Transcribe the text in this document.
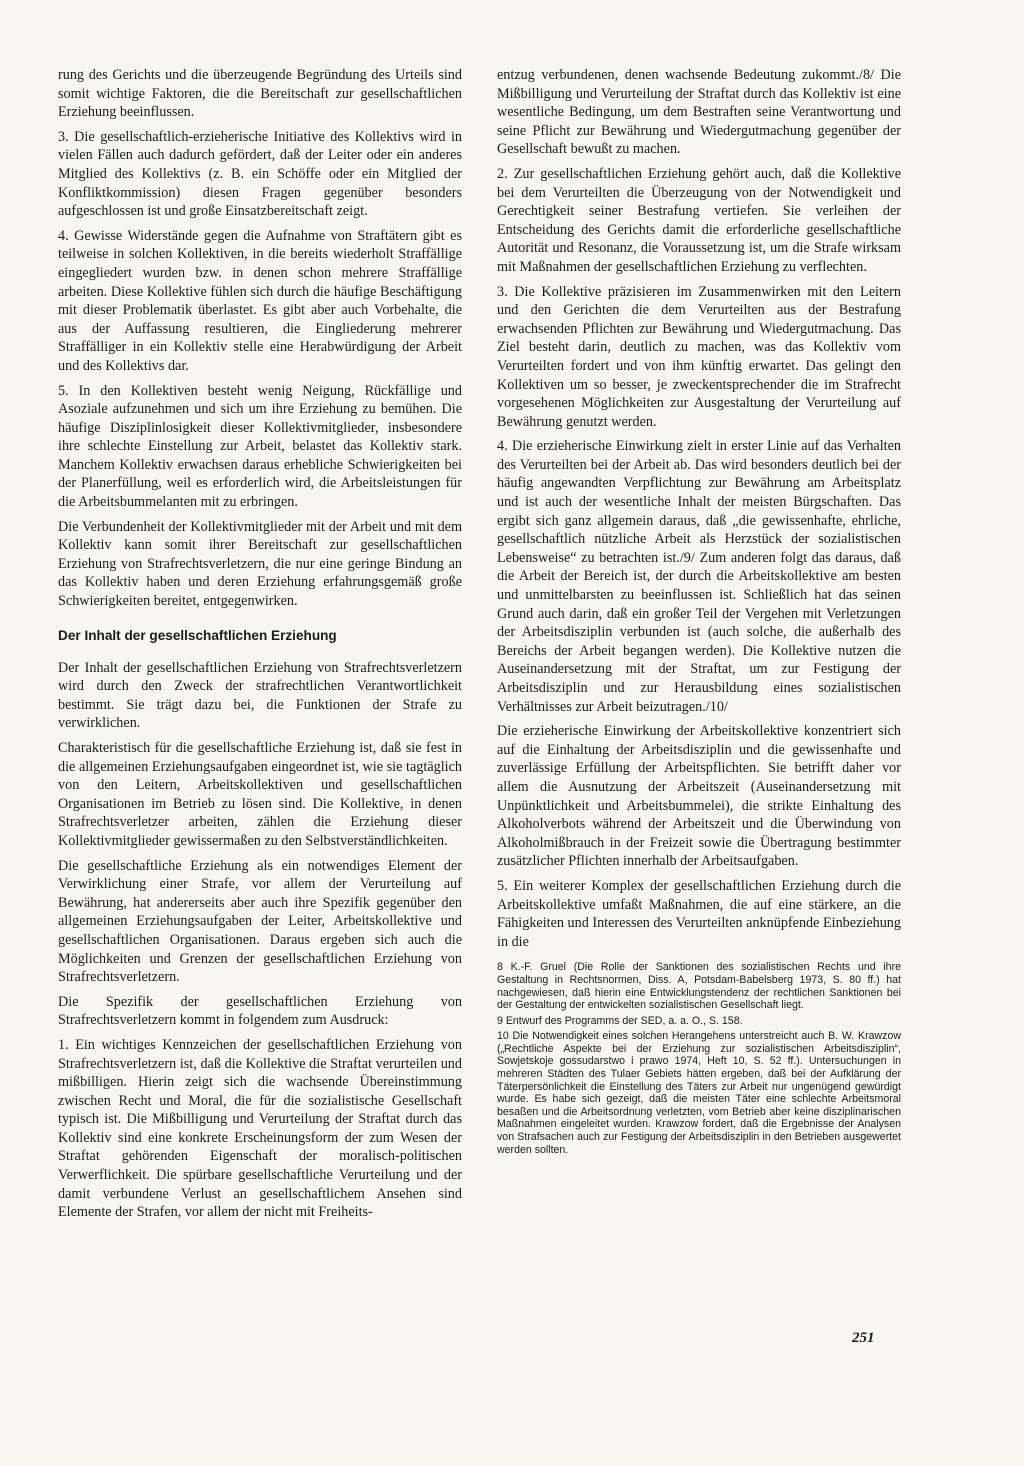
rung des Gerichts und die überzeugende Begründung des Urteils sind somit wichtige Faktoren, die die Bereitschaft zur gesellschaftlichen Erziehung beeinflussen.

3. Die gesellschaftlich-erzieherische Initiative des Kollektivs wird in vielen Fällen auch dadurch gefördert, daß der Leiter oder ein anderes Mitglied des Kollektivs (z. B. ein Schöffe oder ein Mitglied der Konfliktkommission) diesen Fragen gegenüber besonders aufgeschlossen ist und große Einsatzbereitschaft zeigt.

4. Gewisse Widerstände gegen die Aufnahme von Straftätern gibt es teilweise in solchen Kollektiven, in die bereits wiederholt Straffällige eingegliedert wurden bzw. in denen schon mehrere Straffällige arbeiten. Diese Kollektive fühlen sich durch die häufige Beschäftigung mit dieser Problematik überlastet. Es gibt aber auch Vorbehalte, die aus der Auffassung resultieren, die Eingliederung mehrerer Straffälliger in ein Kollektiv stelle eine Herabwürdigung der Arbeit und des Kollektivs dar.

5. In den Kollektiven besteht wenig Neigung, Rückfällige und Asoziale aufzunehmen und sich um ihre Erziehung zu bemühen. Die häufige Disziplinlosigkeit dieser Kollektivmitglieder, insbesondere ihre schlechte Einstellung zur Arbeit, belastet das Kollektiv stark. Manchem Kollektiv erwachsen daraus erhebliche Schwierigkeiten bei der Planerfüllung, weil es erforderlich wird, die Arbeitsleistungen für die Arbeitsbummelanten mit zu erbringen.

Die Verbundenheit der Kollektivmitglieder mit der Arbeit und mit dem Kollektiv kann somit ihrer Bereitschaft zur gesellschaftlichen Erziehung von Strafrechtsverletzern, die nur eine geringe Bindung an das Kollektiv haben und deren Erziehung erfahrungsgemäß große Schwierigkeiten bereitet, entgegenwirken.

Der Inhalt der gesellschaftlichen Erziehung

Der Inhalt der gesellschaftlichen Erziehung von Strafrechtsverletzern wird durch den Zweck der strafrechtlichen Verantwortlichkeit bestimmt. Sie trägt dazu bei, die Funktionen der Strafe zu verwirklichen.

Charakteristisch für die gesellschaftliche Erziehung ist, daß sie fest in die allgemeinen Erziehungsaufgaben eingeordnet ist, wie sie tagtäglich von den Leitern, Arbeitskollektiven und gesellschaftlichen Organisationen im Betrieb zu lösen sind. Die Kollektive, in denen Strafrechtsverletzer arbeiten, zählen die Erziehung dieser Kollektivmitglieder gewissermaßen zu den Selbstverständlichkeiten.

Die gesellschaftliche Erziehung als ein notwendiges Element der Verwirklichung einer Strafe, vor allem der Verurteilung auf Bewährung, hat andererseits aber auch ihre Spezifik gegenüber den allgemeinen Erziehungsaufgaben der Leiter, Arbeitskollektive und gesellschaftlichen Organisationen. Daraus ergeben sich auch die Möglichkeiten und Grenzen der gesellschaftlichen Erziehung von Strafrechtsverletzern.

Die Spezifik der gesellschaftlichen Erziehung von Strafrechtsverletzern kommt in folgendem zum Ausdruck:

1. Ein wichtiges Kennzeichen der gesellschaftlichen Erziehung von Strafrechtsverletzern ist, daß die Kollektive die Straftat verurteilen und mißbilligen. Hierin zeigt sich die wachsende Übereinstimmung zwischen Recht und Moral, die für die sozialistische Gesellschaft typisch ist. Die Mißbilligung und Verurteilung der Straftat durch das Kollektiv sind eine konkrete Erscheinungsform der zum Wesen der Straftat gehörenden Eigenschaft der moralisch-politischen Verwerflichkeit. Die spürbare gesellschaftliche Verurteilung und der damit verbundene Verlust an gesellschaftlichem Ansehen sind Elemente der Strafen, vor allem der nicht mit Freiheits-

entzug verbundenen, denen wachsende Bedeutung zukommt./8/ Die Mißbilligung und Verurteilung der Straftat durch das Kollektiv ist eine wesentliche Bedingung, um dem Bestraften seine Verantwortung und seine Pflicht zur Bewährung und Wiedergutmachung gegenüber der Gesellschaft bewußt zu machen.

2. Zur gesellschaftlichen Erziehung gehört auch, daß die Kollektive bei dem Verurteilten die Überzeugung von der Notwendigkeit und Gerechtigkeit seiner Bestrafung vertiefen. Sie verleihen der Entscheidung des Gerichts damit die erforderliche gesellschaftliche Autorität und Resonanz, die Voraussetzung ist, um die Strafe wirksam mit Maßnahmen der gesellschaftlichen Erziehung zu verflechten.

3. Die Kollektive präzisieren im Zusammenwirken mit den Leitern und den Gerichten die dem Verurteilten aus der Bestrafung erwachsenden Pflichten zur Bewährung und Wiedergutmachung. Das Ziel besteht darin, deutlich zu machen, was das Kollektiv vom Verurteilten fordert und von ihm künftig erwartet. Das gelingt den Kollektiven um so besser, je zweckentsprechender die im Strafrecht vorgesehenen Möglichkeiten zur Ausgestaltung der Verurteilung auf Bewährung genutzt werden.

4. Die erzieherische Einwirkung zielt in erster Linie auf das Verhalten des Verurteilten bei der Arbeit ab. Das wird besonders deutlich bei der häufig angewandten Verpflichtung zur Bewährung am Arbeitsplatz und ist auch der wesentliche Inhalt der meisten Bürgschaften. Das ergibt sich ganz allgemein daraus, daß „die gewissenhafte, ehrliche, gesellschaftlich nützliche Arbeit als Herzstück der sozialistischen Lebensweise“ zu betrachten ist./9/ Zum anderen folgt das daraus, daß die Arbeit der Bereich ist, der durch die Arbeitskollektive am besten und unmittelbarsten zu beeinflussen ist. Schließlich hat das seinen Grund auch darin, daß ein großer Teil der Vergehen mit Verletzungen der Arbeitsdisziplin verbunden ist (auch solche, die außerhalb des Bereichs der Arbeit begangen werden). Die Kollektive nutzen die Auseinandersetzung mit der Straftat, um zur Festigung der Arbeitsdisziplin und zur Herausbildung eines sozialistischen Verhältnisses zur Arbeit beizutragen./10/

Die erzieherische Einwirkung der Arbeitskollektive konzentriert sich auf die Einhaltung der Arbeitsdisziplin und die gewissenhafte und zuverlässige Erfüllung der Arbeitspflichten. Sie betrifft daher vor allem die Ausnutzung der Arbeitszeit (Auseinandersetzung mit Unpünktlichkeit und Arbeitsbummelei), die strikte Einhaltung des Alkoholverbots während der Arbeitszeit und die Überwindung von Alkoholmißbrauch in der Freizeit sowie die Übertragung bestimmter zusätzlicher Pflichten innerhalb der Arbeitsaufgaben.

5. Ein weiterer Komplex der gesellschaftlichen Erziehung durch die Arbeitskollektive umfaßt Maßnahmen, die auf eine stärkere, an die Fähigkeiten und Interessen des Verurteilten anknüpfende Einbeziehung in die

8 K.-F. Gruel (Die Rolle der Sanktionen des sozialistischen Rechts und ihre Gestaltung in Rechtsnormen, Diss. A, Potsdam-Babelsberg 1973, S. 80 ff.) hat nachgewiesen, daß hierin eine Entwicklungstendenz der rechtlichen Sanktionen bei der Gestaltung der entwickelten sozialistischen Gesellschaft liegt.

9 Entwurf des Programms der SED, a. a. O., S. 158.

10 Die Notwendigkeit eines solchen Herangehens unterstreicht auch B. W. Krawzow („Rechtliche Aspekte bei der Erziehung zur sozialistischen Arbeitsdisziplin“, Sowjetskoje gossudarstwo i prawo 1974, Heft 10, S. 52 ff.). Untersuchungen in mehreren Städten des Tulaer Gebiets hätten ergeben, daß bei der Aufklärung der Täterpersönlichkeit die Einstellung des Täters zur Arbeit nur ungenügend gewürdigt wurde. Es habe sich gezeigt, daß die meisten Täter eine schlechte Arbeitsmoral besaßen und die Arbeitsordnung verletzten, vom Betrieb aber keine disziplinarischen Maßnahmen eingeleitet wurden. Krawzow fordert, daß die Ergebnisse der Analysen von Strafsachen auch zur Festigung der Arbeitsdisziplin in den Betrieben ausgewertet werden sollten.

251
